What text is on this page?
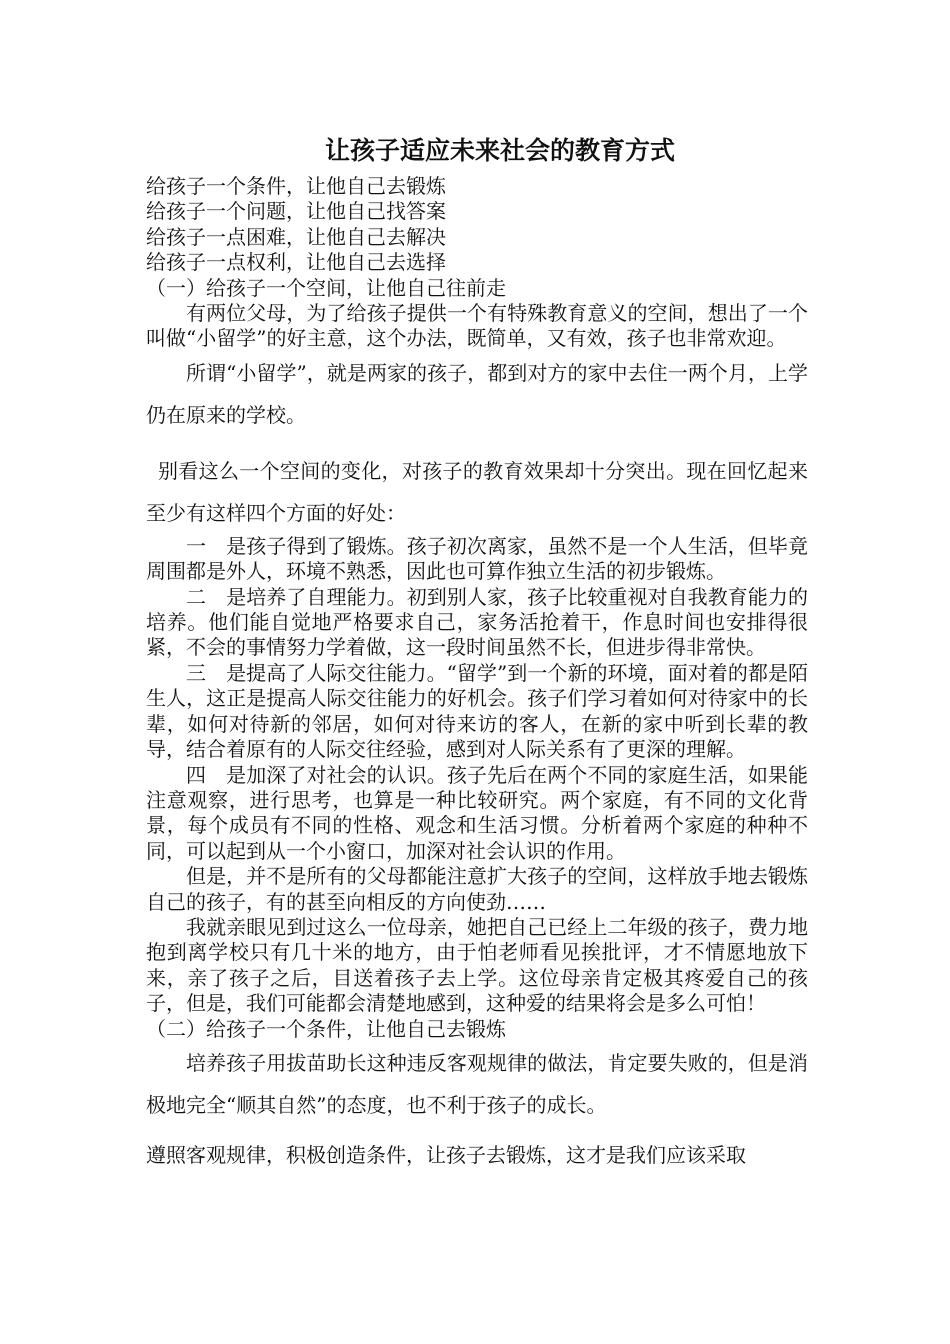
让孩子适应未来社会的教育方式

给孩子一个条件，让他自己去锻炼

给孩子一个问题，让他自己找答案

给孩子一点困难，让他自己去解决

给孩子一点权利，让他自己去选择

（一）给孩子一个空间，让他自己往前走

有两位父母，为了给孩子提供一个有特殊教育意义的空间，想出了一个叫做“小留学”的好主意，这个办法，既简单，又有效，孩子也非常欢迎。

所谓“小留学”，就是两家的孩子，都到对方的家中去住一两个月，上学仍在原来的学校。

别看这么一个空间的变化，对孩子的教育效果却十分突出。现在回忆起来至少有这样四个方面的好处：

一　是孩子得到了锻炼。孩子初次离家，虽然不是一个人生活，但毕竟周围都是外人，环境不熟悉，因此也可算作独立生活的初步锻炼。

二　是培养了自理能力。初到别人家，孩子比较重视对自我教育能力的培养。他们能自觉地严格要求自己，家务活抢着干，作息时间也安排得很紧，不会的事情努力学着做，这一段时间虽然不长，但进步得非常快。

三　是提高了人际交往能力。“留学”到一个新的环境，面对着的都是陌生人，这正是提高人际交往能力的好机会。孩子们学习着如何对待家中的长辈，如何对待新的邻居，如何对待来访的客人，在新的家中听到长辈的教导，结合着原有的人际交往经验，感到对人际关系有了更深的理解。

四　是加深了对社会的认识。孩子先后在两个不同的家庭生活，如果能注意观察，进行思考，也算是一种比较研究。两个家庭，有不同的文化背景，每个成员有不同的性格、观念和生活习惯。分析着两个家庭的种种不同，可以起到从一个小窗口，加深对社会认识的作用。

但是，并不是所有的父母都能注意扩大孩子的空间，这样放手地去锻炼自己的孩子，有的甚至向相反的方向使劲……

我就亲眼见到过这么一位母亲，她把自己已经上二年级的孩子，费力地抱到离学校只有几十米的地方，由于怕老师看见挨批评，才不情愿地放下来，亲了孩子之后，目送着孩子去上学。这位母亲肯定极其疼爱自己的孩子，但是，我们可能都会清楚地感到，这种爱的结果将会是多么可怕！

（二）给孩子一个条件，让他自己去锻炼

培养孩子用拔苗助长这种违反客观规律的做法，肯定要失败的，但是消极地完全“顺其自然”的态度，也不利于孩子的成长。

遵照客观规律，积极创造条件，让孩子去锻炼，这才是我们应该采取
